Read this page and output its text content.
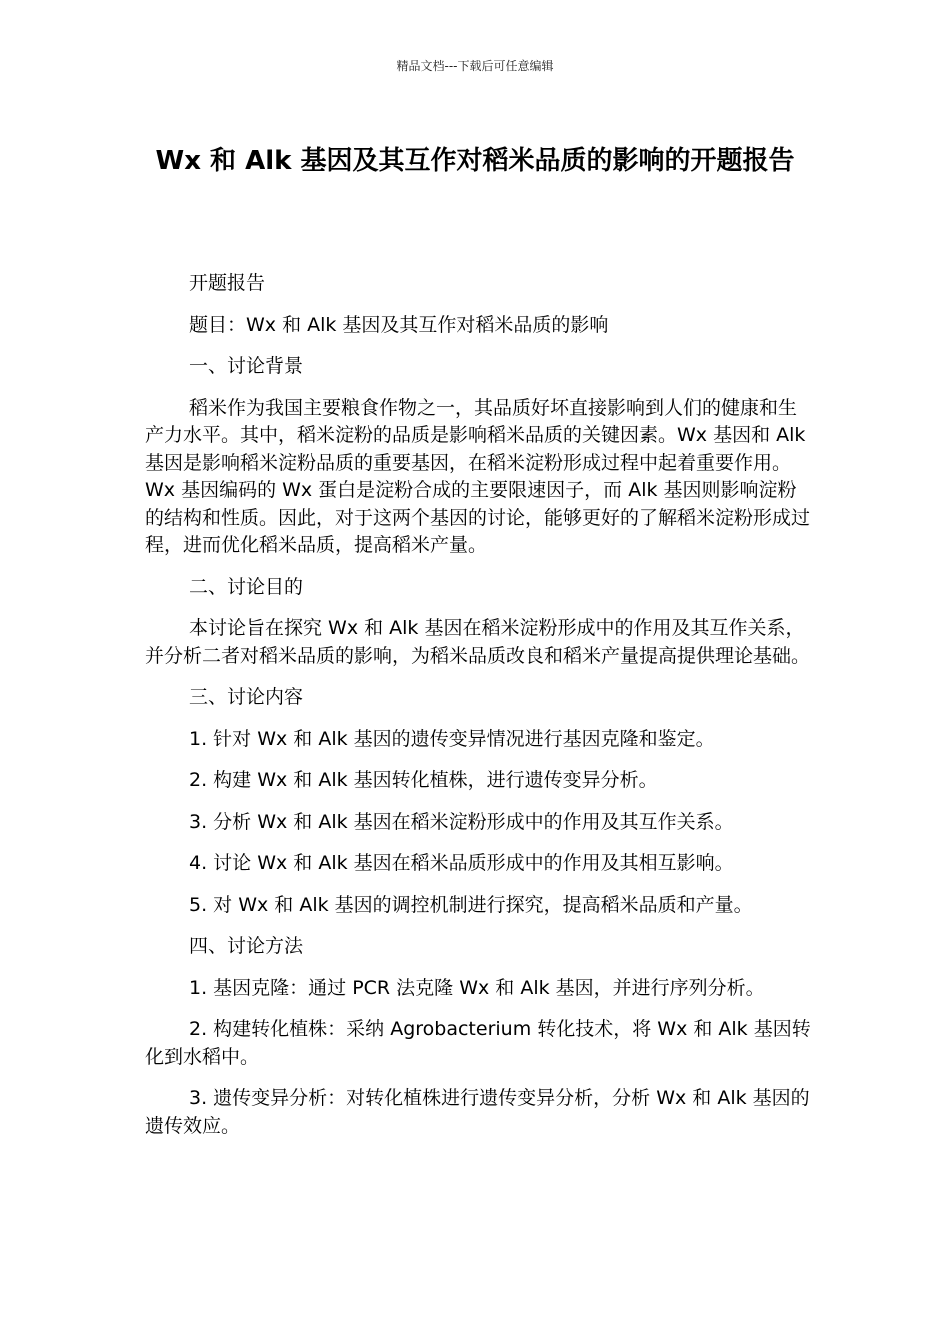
精品文档---下载后可任意编辑
Wx 和 Alk 基因及其互作对稻米品质的影响的开题报告

开题报告

题目：Wx 和 Alk 基因及其互作对稻米品质的影响

一、讨论背景

稻米作为我国主要粮食作物之一，其品质好坏直接影响到人们的健康和生产力水平。其中，稻米淀粉的品质是影响稻米品质的关键因素。Wx 基因和 Alk 基因是影响稻米淀粉品质的重要基因，在稻米淀粉形成过程中起着重要作用。Wx 基因编码的 Wx 蛋白是淀粉合成的主要限速因子，而 Alk 基因则影响淀粉的结构和性质。因此，对于这两个基因的讨论，能够更好的了解稻米淀粉形成过程，进而优化稻米品质，提高稻米产量。

二、讨论目的

本讨论旨在探究 Wx 和 Alk 基因在稻米淀粉形成中的作用及其互作关系，并分析二者对稻米品质的影响，为稻米品质改良和稻米产量提高提供理论基础。

三、讨论内容

1. 针对 Wx 和 Alk 基因的遗传变异情况进行基因克隆和鉴定。

2. 构建 Wx 和 Alk 基因转化植株，进行遗传变异分析。

3. 分析 Wx 和 Alk 基因在稻米淀粉形成中的作用及其互作关系。

4. 讨论 Wx 和 Alk 基因在稻米品质形成中的作用及其相互影响。

5. 对 Wx 和 Alk 基因的调控机制进行探究，提高稻米品质和产量。

四、讨论方法

1. 基因克隆：通过 PCR 法克隆 Wx 和 Alk 基因，并进行序列分析。

2. 构建转化植株：采纳 Agrobacterium 转化技术，将 Wx 和 Alk 基因转化到水稻中。

3. 遗传变异分析：对转化植株进行遗传变异分析，分析 Wx 和 Alk 基因的遗传效应。
